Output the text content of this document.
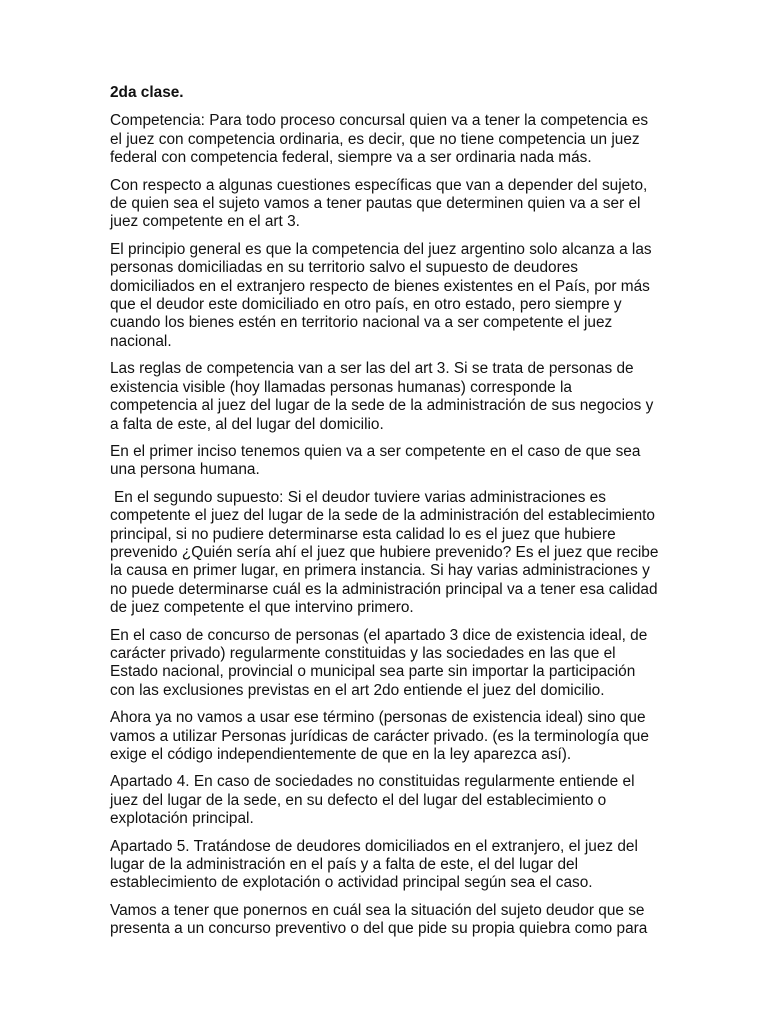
2da clase.

Competencia: Para todo proceso concursal quien va a tener la competencia es el juez con competencia ordinaria, es decir, que no tiene competencia un juez federal con competencia federal, siempre va a ser ordinaria nada más.

Con respecto a algunas cuestiones específicas que van a depender del sujeto, de quien sea el sujeto vamos a tener pautas que determinen quien va a ser el juez competente en el art 3.

El principio general es que la competencia del juez argentino solo alcanza a las personas domiciliadas en su territorio salvo el supuesto de deudores domiciliados en el extranjero respecto de bienes existentes en el País, por más que el deudor este domiciliado en otro país, en otro estado, pero siempre y cuando los bienes estén en territorio nacional va a ser competente el juez nacional.

Las reglas de competencia van a ser las del art 3. Si se trata de personas de existencia visible (hoy llamadas personas humanas) corresponde la competencia al juez del lugar de la sede de la administración de sus negocios y a falta de este, al del lugar del domicilio.

En el primer inciso tenemos quien va a ser competente en el caso de que sea una persona humana.

En el segundo supuesto: Si el deudor tuviere varias administraciones es competente el juez del lugar de la sede de la administración del establecimiento principal, si no pudiere determinarse esta calidad lo es el juez que hubiere prevenido ¿Quién sería ahí el juez que hubiere prevenido? Es el juez que recibe la causa en primer lugar, en primera instancia. Si hay varias administraciones y no puede determinarse cuál es la administración principal va a tener esa calidad de juez competente el que intervino primero.

En el caso de concurso de personas (el apartado 3 dice de existencia ideal, de carácter privado) regularmente constituidas y las sociedades en las que el Estado nacional, provincial o municipal sea parte sin importar la participación con las exclusiones previstas en el art 2do entiende el juez del domicilio.

Ahora ya no vamos a usar ese término (personas de existencia ideal) sino que vamos a utilizar Personas jurídicas de carácter privado. (es la terminología que exige el código independientemente de que en la ley aparezca así).

Apartado 4. En caso de sociedades no constituidas regularmente entiende el juez del lugar de la sede, en su defecto el del lugar del establecimiento o explotación principal.

Apartado 5. Tratándose de deudores domiciliados en el extranjero, el juez del lugar de la administración en el país y a falta de este, el del lugar del establecimiento de explotación o actividad principal según sea el caso.

Vamos a tener que ponernos en cuál sea la situación del sujeto deudor que se presenta a un concurso preventivo o del que pide su propia quiebra como para
